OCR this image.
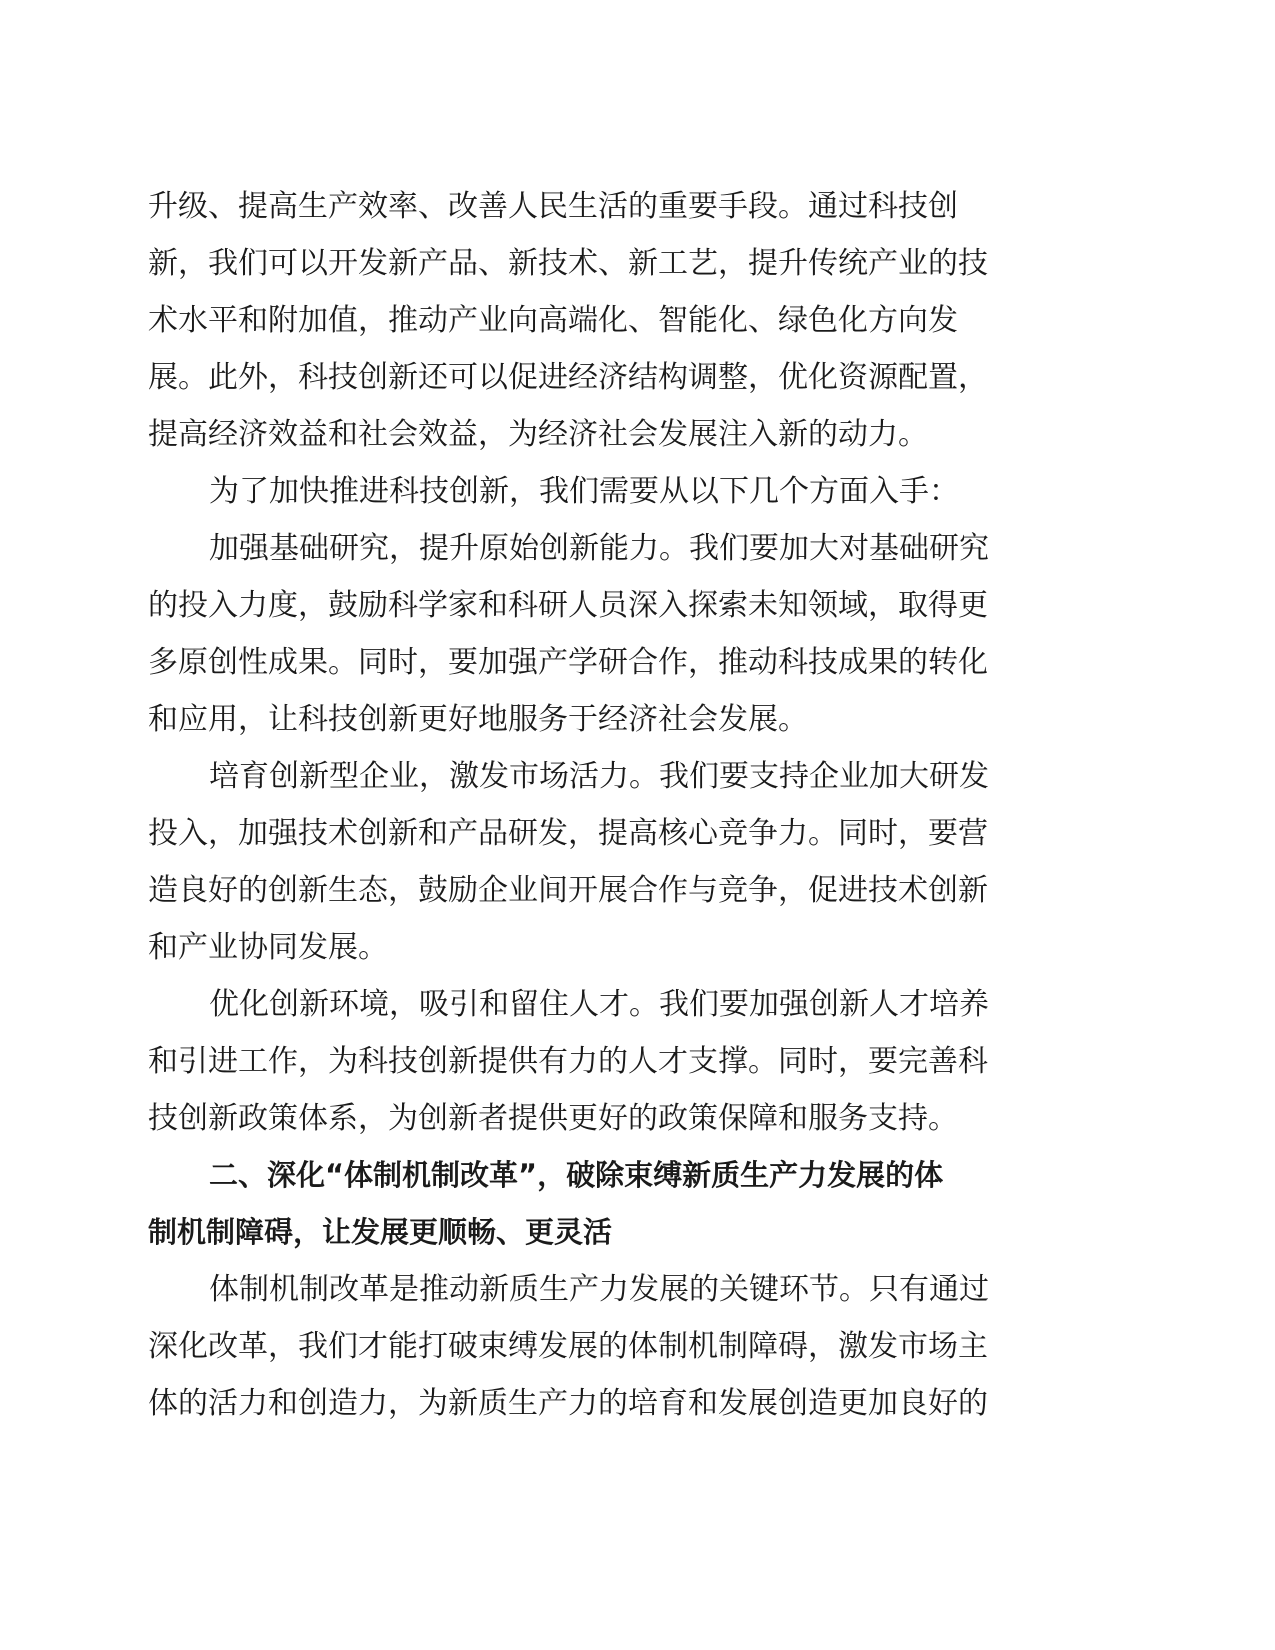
升级、提高生产效率、改善人民生活的重要手段。通过科技创
新，我们可以开发新产品、新技术、新工艺，提升传统产业的技
术水平和附加值，推动产业向高端化、智能化、绿色化方向发
展。此外，科技创新还可以促进经济结构调整，优化资源配置，
提高经济效益和社会效益，为经济社会发展注入新的动力。
为了加快推进科技创新，我们需要从以下几个方面入手：
加强基础研究，提升原始创新能力。我们要加大对基础研究
的投入力度，鼓励科学家和科研人员深入探索未知领域，取得更
多原创性成果。同时，要加强产学研合作，推动科技成果的转化
和应用，让科技创新更好地服务于经济社会发展。
培育创新型企业，激发市场活力。我们要支持企业加大研发
投入，加强技术创新和产品研发，提高核心竞争力。同时，要营
造良好的创新生态，鼓励企业间开展合作与竞争，促进技术创新
和产业协同发展。
优化创新环境，吸引和留住人才。我们要加强创新人才培养
和引进工作，为科技创新提供有力的人才支撑。同时，要完善科
技创新政策体系，为创新者提供更好的政策保障和服务支持。
二、深化“体制机制改革”，破除束缚新质生产力发展的体
制机制障碍，让发展更顺畅、更灵活
体制机制改革是推动新质生产力发展的关键环节。只有通过
深化改革，我们才能打破束缚发展的体制机制障碍，激发市场主
体的活力和创造力，为新质生产力的培育和发展创造更加良好的
